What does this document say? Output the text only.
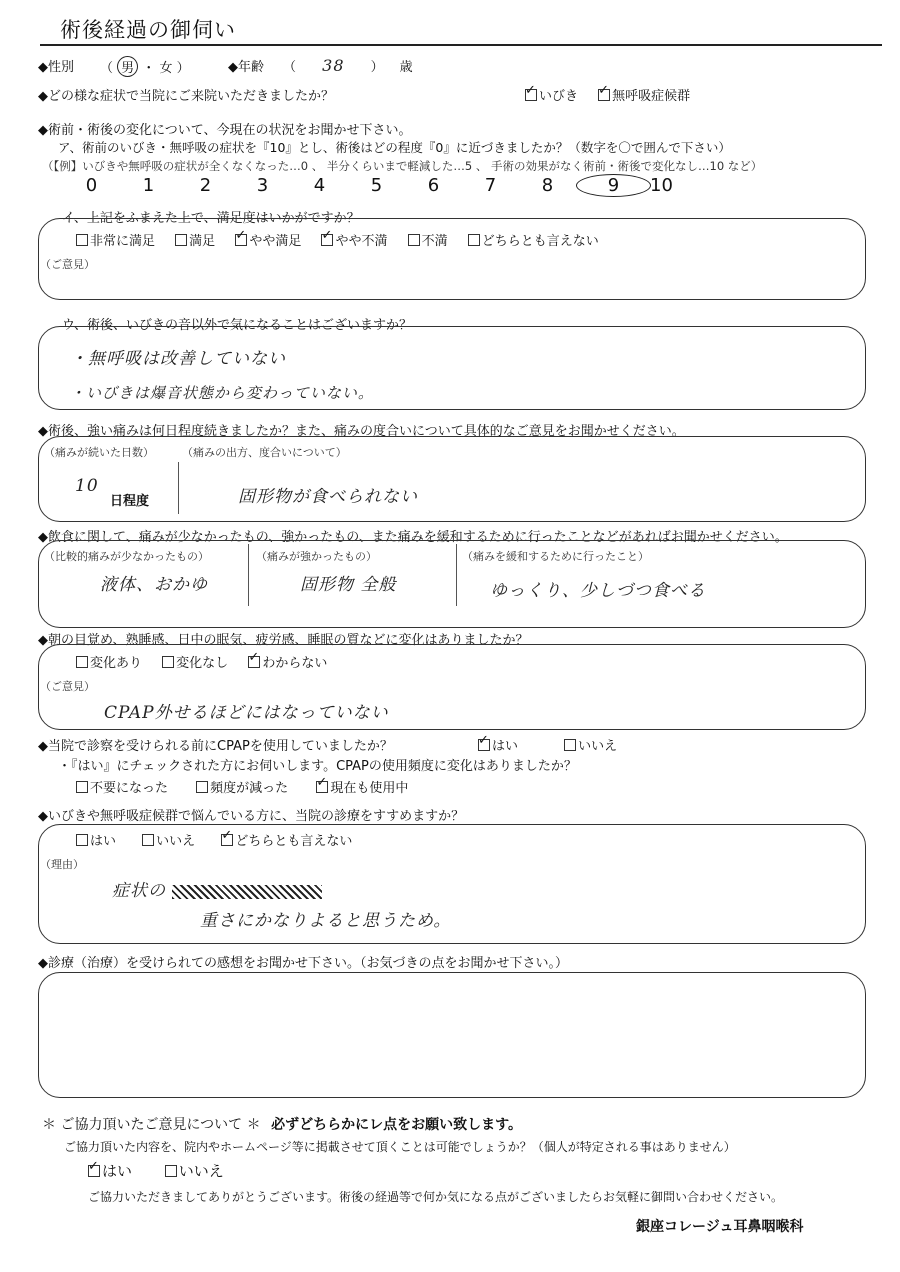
術後経過の御伺い
◆性別 （ 男 ・ 女 ）	◆年齢 （ 38 ） 歳
◆どの様な症状で当院にご来院いただきましたか？ ✓	いびき ✓	無呼吸症候群
◆術前・術後の変化について、今現在の状況をお聞かせ下さい。
ア、術前のいびき・無呼吸の症状を『10』とし、術後はどの程度『0』に近づきましたか？（数字を〇で囲んで下さい）
（【例】いびきや無呼吸の症状が全くなくなった…0 、 半分くらいまで軽減した…5 、 手術の効果がなく術前・術後で変化なし…10 など）
0	1	2	3	4	5	6	7	8	9 10
イ、上記をふまえた上で、満足度はいかがですか？
非常に満足	満足 ✓	やや満足 ✓	やや不満	不満	どちらとも言えない
（ご意見）
ウ、術後、いびきの音以外で気になることはございますか？
・無呼吸は改善していない
・いびきは爆音状態から変わっていない。
◆術後、強い痛みは何日程度続きましたか？また、痛みの度合いについて具体的なご意見をお聞かせください。
（痛みが続いた日数）
10
日程度
（痛みの出方、度合いについて）
固形物が食べられない
◆飲食に関して、痛みが少なかったもの、強かったもの、また痛みを緩和するために行ったことなどがあればお聞かせください。
（比較的痛みが少なかったもの）
液体、おかゆ
（痛みが強かったもの）
固形物 全般
（痛みを緩和するために行ったこと）
ゆっくり、少しづつ食べる
◆朝の目覚め、熟睡感、日中の眠気、疲労感、睡眠の質などに変化はありましたか？
変化あり	変化なし ✓	わからない
（ご意見）
CPAP外せるほどにはなっていない
◆当院で診察を受けられる前にCPAPを使用していましたか？ ✓	はい	いいえ
・『はい』にチェックされた方にお伺いします。CPAPの使用頻度に変化はありましたか？
不要になった	頻度が減った ✓	現在も使用中
◆いびきや無呼吸症候群で悩んでいる方に、当院の診療をすすめますか？
はい	いいえ ✓	どちらとも言えない
（理由）
症状の
重さにかなりよると思うため。
◆診療（治療）を受けられての感想をお聞かせ下さい。（お気づきの点をお聞かせ下さい。）
＊ ご協力頂いたご意見について ＊ 必ずどちらかにレ点をお願い致します。
ご協力頂いた内容を、院内やホームページ等に掲載させて頂くことは可能でしょうか？（個人が特定される事はありません）
✓はい	いいえ
ご協力いただきましてありがとうございます。術後の経過等で何か気になる点がございましたらお気軽に御問い合わせください。
銀座コレージュ耳鼻咽喉科
